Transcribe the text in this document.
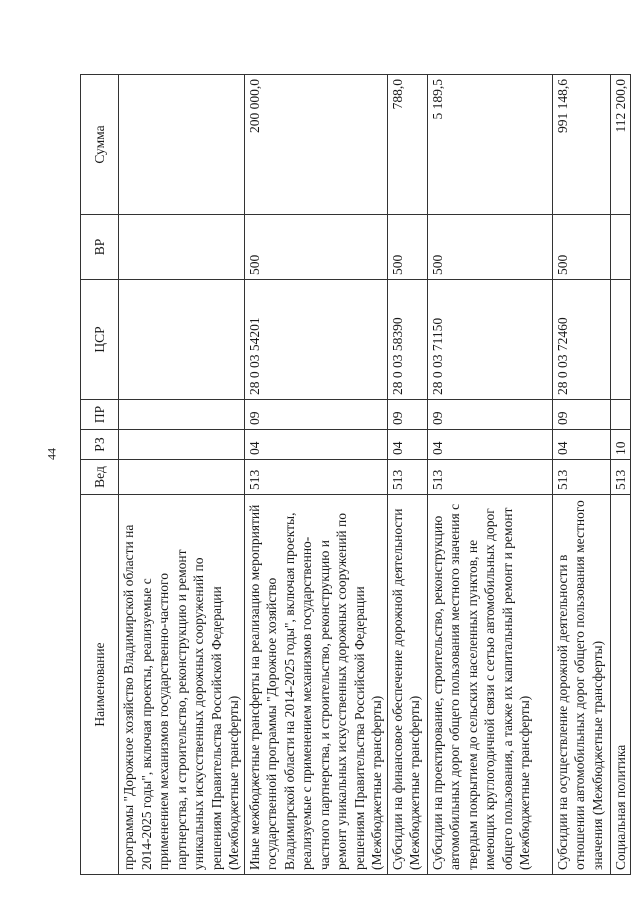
44
Наименование	Вед	РЗ	ПР	ЦСР	ВР	Сумма
программы "Дорожное хозяйство Владимирской области на 2014-2025 годы", включая проекты, реализуемые с применением механизмов государственно-частного партнерства, и строительство, реконструкцию и ремонт уникальных искусственных дорожных сооружений по решениям Правительства Российской Федерации (Межбюджетные трансферты)						
Иные межбюджетные трансферты на реализацию мероприятий государственной программы "Дорожное хозяйство Владимирской области на 2014-2025 годы", включая проекты, реализуемые с применением механизмов государственно-частного партнерства, и строительство, реконструкцию и ремонт уникальных искусственных дорожных сооружений по решениям Правительства Российской Федерации (Межбюджетные трансферты)	513	04	09	28 0 03 54201	500	200 000,0
Субсидии на финансовое обеспечение дорожной деятельности (Межбюджетные трансферты)	513	04	09	28 0 03 58390	500	788,0
Субсидии на проектирование, строительство, реконструкцию автомобильных дорог общего пользования местного значения с твердым покрытием до сельских населенных пунктов, не имеющих круглогодичной связи с сетью автомобильных дорог общего пользования, а также их капитальный ремонт и ремонт (Межбюджетные трансферты)	513	04	09	28 0 03 71150	500	5 189,5
Субсидии на осуществление дорожной деятельности в отношении автомобильных дорог общего пользования местного значения (Межбюджетные трансферты)	513	04	09	28 0 03 72460	500	991 148,6
Социальная политика	513	10				112 200,0
